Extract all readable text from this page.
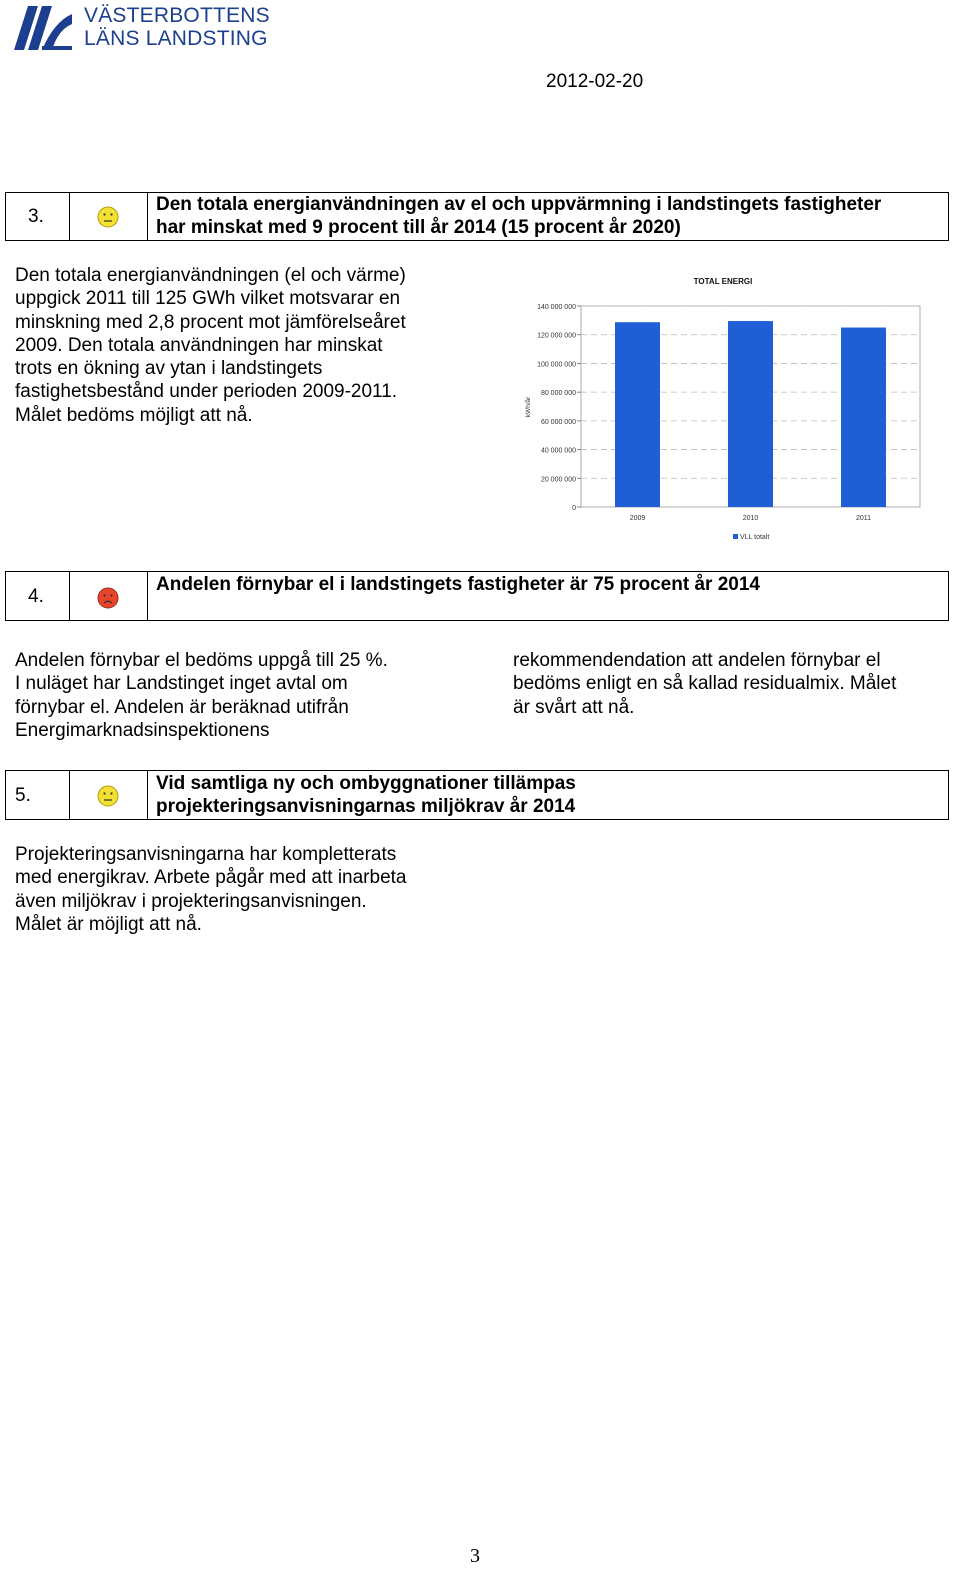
VÄSTERBOTTENS
LÄNS LANDSTING
2012-02-20
3.
Den totala energianvändningen av el och uppvärmning i landstingets fastigheter
har minskat med 9 procent till år 2014 (15 procent år 2020)
Den totala energianvändningen (el och värme)
uppgick 2011 till 125 GWh vilket motsvarar en
minskning med 2,8 procent mot jämförelseåret
2009. Den totala användningen har minskat
trots en ökning av ytan i landstingets
fastighetsbestånd under perioden 2009-2011.
Målet bedöms möjligt att nå.
0
20 000 000
40 000 000
60 000 000
80 000 000
100 000 000
120 000 000
140 000 000
2009	2010	2011
TOTAL ENERGI
kWh/år
VLL totalt
4.
Andelen förnybar el i landstingets fastigheter är 75 procent år 2014
Andelen förnybar el bedöms uppgå till 25 %.
I nuläget har Landstinget inget avtal om
förnybar el. Andelen är beräknad utifrån
Energimarknadsinspektionens
rekommendendation att andelen förnybar el
bedöms enligt en så kallad residualmix. Målet
är svårt att nå.
5.
Vid samtliga ny och ombyggnationer tillämpas
projekteringsanvisningarnas miljökrav år 2014
Projekteringsanvisningarna har kompletterats
med energikrav. Arbete pågår med att inarbeta
även miljökrav i projekteringsanvisningen.
Målet är möjligt att nå.
3
